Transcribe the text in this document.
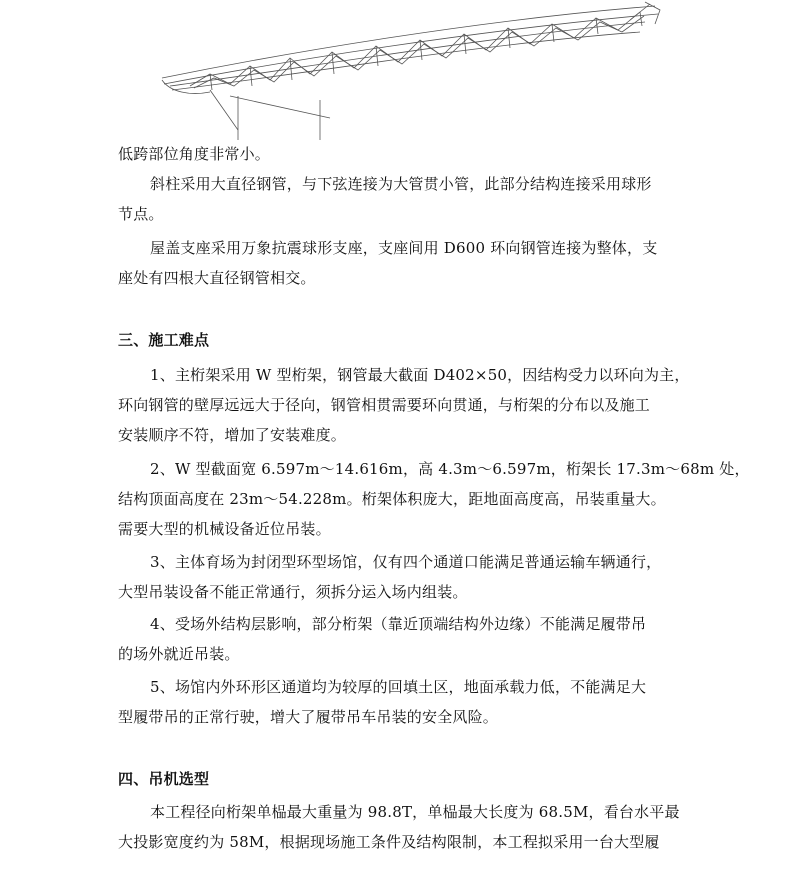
低跨部位角度非常小。
斜柱采用大直径钢管，与下弦连接为大管贯小管，此部分结构连接采用球形
节点。
屋盖支座采用万象抗震球形支座，支座间用 D600 环向钢管连接为整体，支
座处有四根大直径钢管相交。
三、施工难点
1、主桁架采用 W 型桁架，钢管最大截面 D402×50，因结构受力以环向为主，
环向钢管的壁厚远远大于径向，钢管相贯需要环向贯通，与桁架的分布以及施工
安装顺序不符，增加了安装难度。
2、W 型截面宽 6.597m～14.616m，高 4.3m～6.597m，桁架长 17.3m～68m 处，
结构顶面高度在 23m～54.228m。桁架体积庞大，距地面高度高，吊装重量大。
需要大型的机械设备近位吊装。
3、主体育场为封闭型环型场馆，仅有四个通道口能满足普通运输车辆通行，
大型吊装设备不能正常通行，须拆分运入场内组装。
4、受场外结构层影响，部分桁架（靠近顶端结构外边缘）不能满足履带吊
的场外就近吊装。
5、场馆内外环形区通道均为较厚的回填土区，地面承载力低，不能满足大
型履带吊的正常行驶，增大了履带吊车吊装的安全风险。
四、吊机选型
本工程径向桁架单榀最大重量为 98.8T，单榀最大长度为 68.5M，看台水平最
大投影宽度约为 58M，根据现场施工条件及结构限制，本工程拟采用一台大型履
